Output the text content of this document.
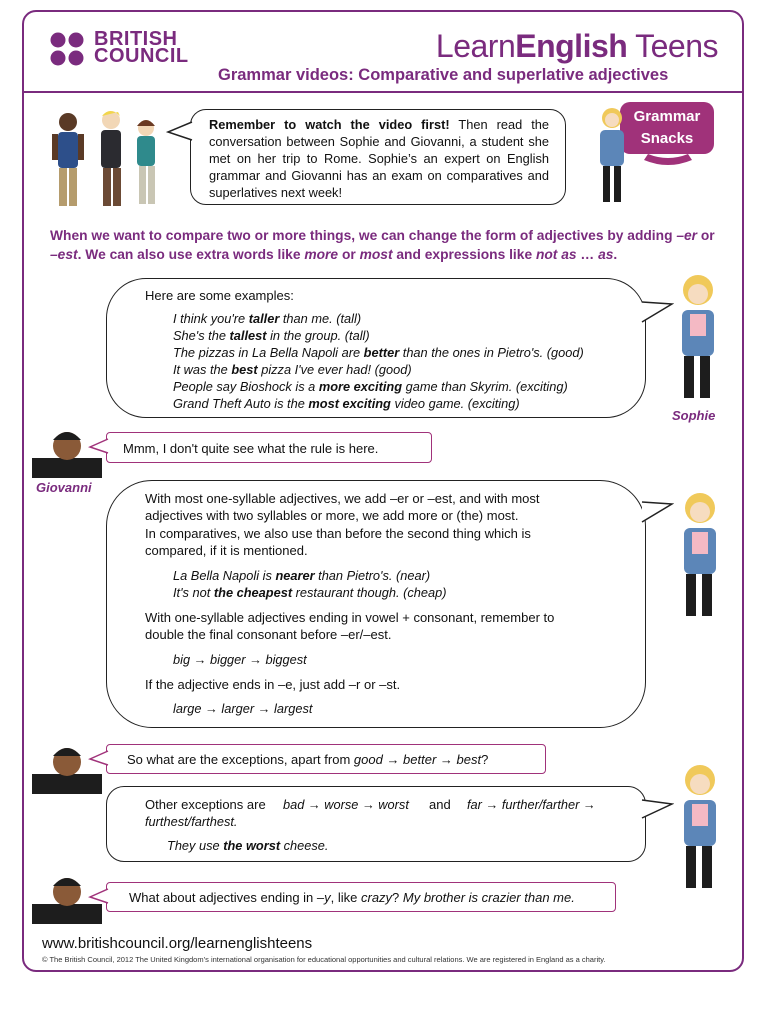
BRITISH
COUNCIL	LearnEnglish Teens
Grammar videos: Comparative and superlative adjectives
Remember to watch the video first! Then read the conversation between Sophie and Giovanni, a student she met on her trip to Rome. Sophie’s an expert on English grammar and Giovanni has an exam on comparatives and superlatives next week!
Grammar
Snacks
When we want to compare two or more things, we can change the form of adjectives by adding –er or –est. We can also use extra words like more or most and expressions like not as … as.
Here are some examples:
I think you're taller than me. (tall)
She's the tallest in the group. (tall)
The pizzas in La Bella Napoli are better than the ones in Pietro's. (good)
It was the best pizza I've ever had! (good)
People say Bioshock is a more exciting game than Skyrim. (exciting)
Grand Theft Auto is the most exciting video game. (exciting)
Sophie
Giovanni
Mmm, I don't quite see what the rule is here.
With most one-syllable adjectives, we add –er or –est, and with most adjectives with two syllables or more, we add more or (the) most.
In comparatives, we also use than before the second thing which is compared, if it is mentioned.
La Bella Napoli is nearer than Pietro's. (near)
It's not the cheapest restaurant though. (cheap)
With one-syllable adjectives ending in vowel + consonant, remember to double the final consonant before –er/–est.
big → bigger → biggest
If the adjective ends in –e, just add –r or –st.
large → larger → largest
So what are the exceptions, apart from good → better → best?
Other exceptions are bad → worse → worst and far → further/farther →
furthest/farthest.
They use the worst cheese.
What about adjectives ending in –y, like crazy? My brother is crazier than me.
www.britishcouncil.org/learnenglishteens
© The British Council, 2012 The United Kingdom’s international organisation for educational opportunities and cultural relations. We are registered in England as a charity.
